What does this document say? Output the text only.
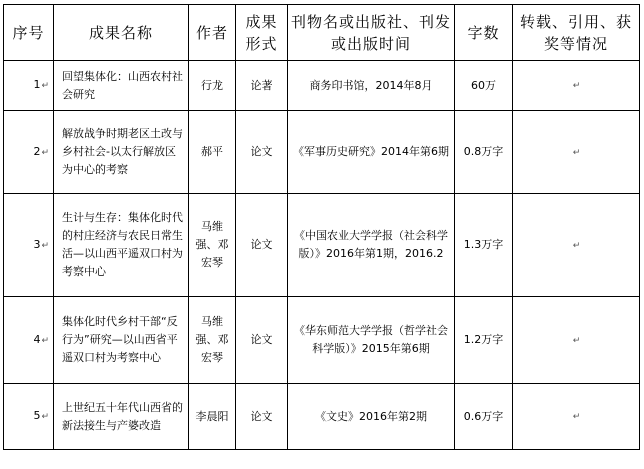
序号	成果名称	作者	成果形式	刊物名或出版社、刊发或出版时间	字数	转载、引用、获奖等情况
1↵	回望集体化：山西农村社会研究	行龙	论著	商务印书馆，2014年8月	60万	↵
2↵	解放战争时期老区土改与乡村社会-以太行解放区为中心的考察	郝平	论文	《军事历史研究》2014年第6期	0.8万字	↵
3↵	生计与生存：集体化时代的村庄经济与农民日常生活—以山西平遥双口村为考察中心	马维强、邓宏琴	论文	《中国农业大学学报（社会科学版）》2016年第1期，2016.2	1.3万字	↵
4↵	集体化时代乡村干部“反行为”研究—以山西省平遥双口村为考察中心	马维强、邓宏琴	论文	《华东师范大学学报（哲学社会科学版）》2015年第6期	1.2万字	↵
5↵	上世纪五十年代山西省的新法接生与产婆改造	李晨阳	论文	《文史》2016年第2期	0.6万字	↵
